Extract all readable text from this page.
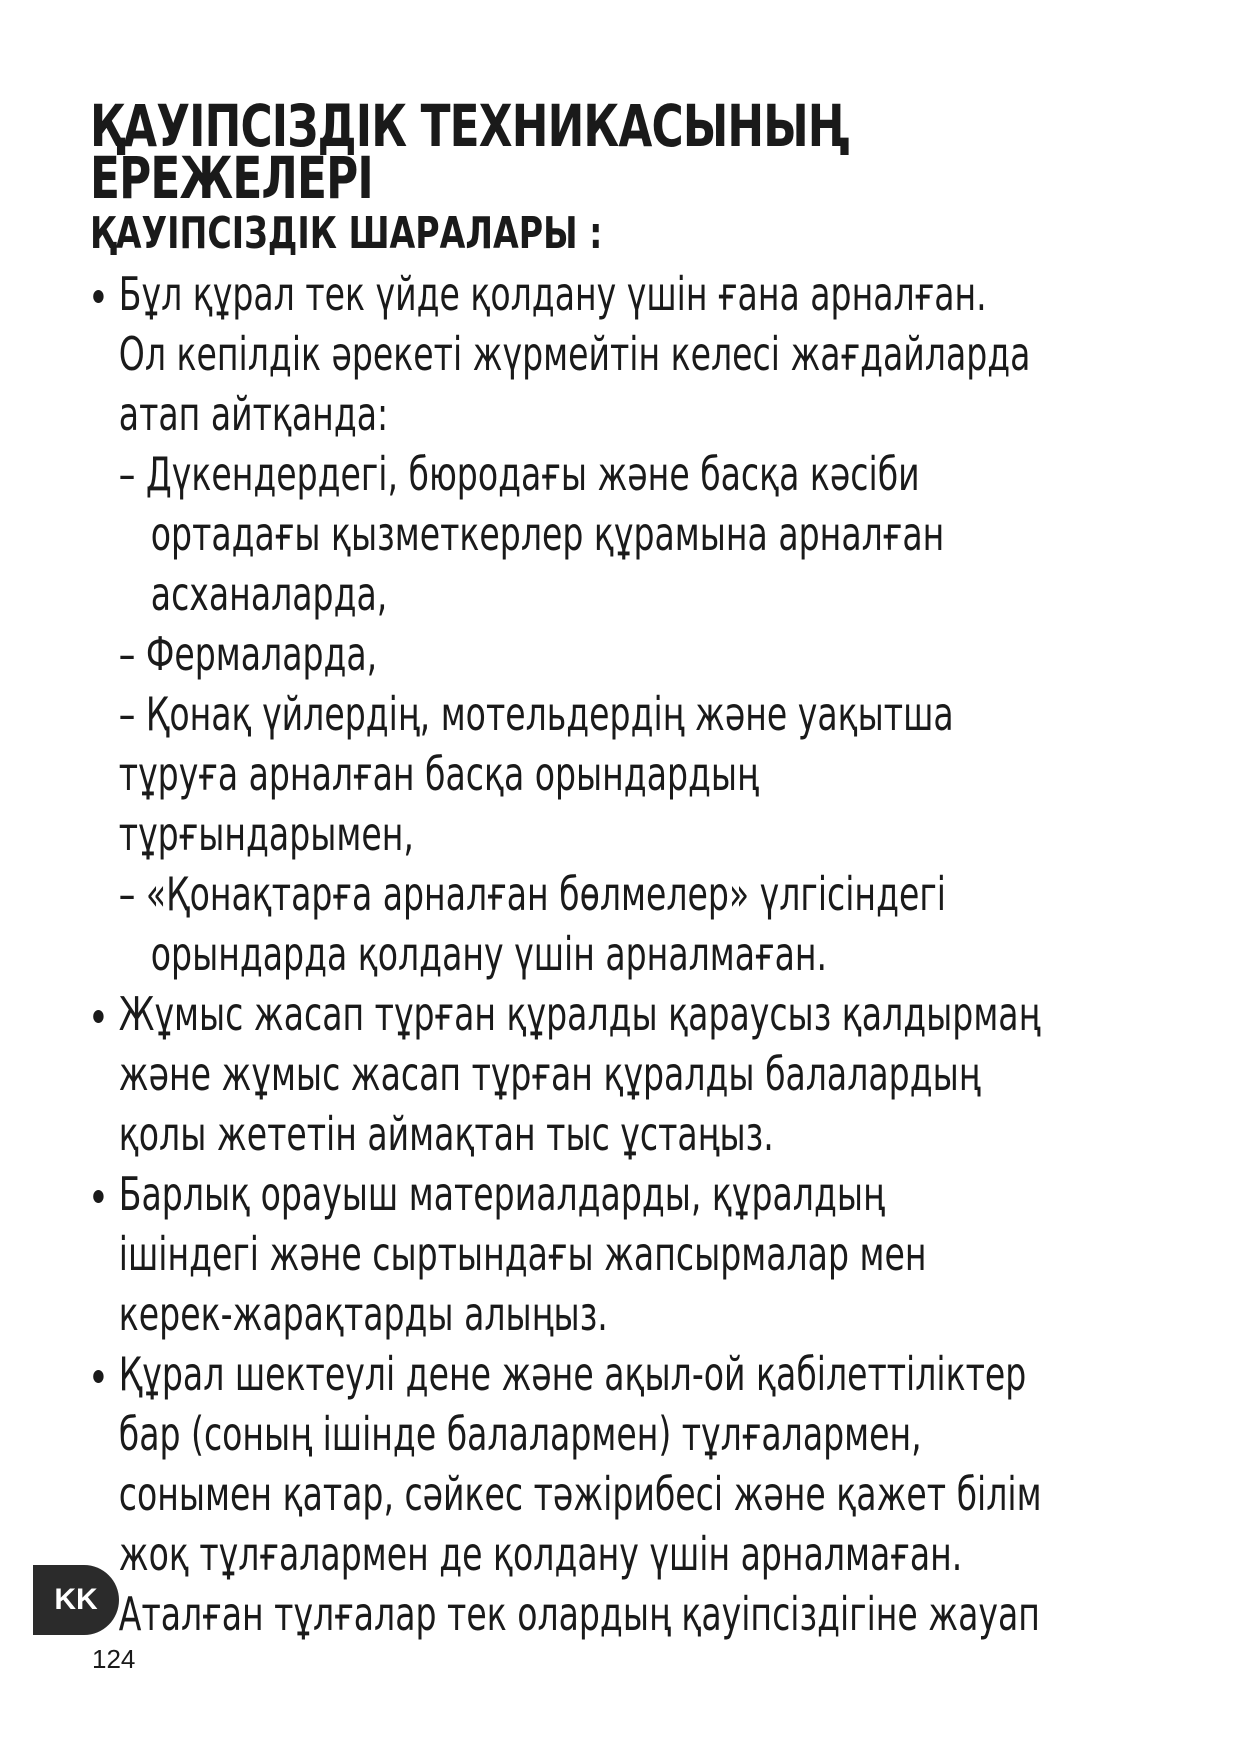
ҚАУІПСІЗДІК ТЕХНИКАСЫНЫҢ
ЕРЕЖЕЛЕРІ
ҚАУІПСІЗДІК ШАРАЛАРЫ :
Бұл құрал тек үйде қолдану үшін ғана арналған.
Ол кепілдік әрекеті жүрмейтін келесі жағдайларда
атап айтқанда:
– Дүкендердегі, бюродағы және басқа кәсіби
ортадағы қызметкерлер құрамына арналған
асханаларда,
– Фермаларда,
– Қонақ үйлердің, мотельдердің және уақытша
тұруға арналған басқа орындардың
тұрғындарымен,
– «Қонақтарға арналған бөлмелер» үлгісіндегі
орындарда қолдану үшін арналмаған.
Жұмыс жасап тұрған құралды қараусыз қалдырмаң
және жұмыс жасап тұрған құралды балалардың
қолы жететін аймақтан тыс ұстаңыз.
Барлық орауыш материалдарды, құралдың
ішіндегі және сыртындағы жапсырмалар мен
керек-жарақтарды алыңыз.
Құрал шектеулі дене және ақыл-ой қабілеттіліктер
бар (соның ішінде балалармен) тұлғалармен,
сонымен қатар, сәйкес тәжірибесі және қажет білім
жоқ тұлғалармен де қолдану үшін арналмаған.
Аталған тұлғалар тек олардың қауіпсіздігіне жауап
KK
124
